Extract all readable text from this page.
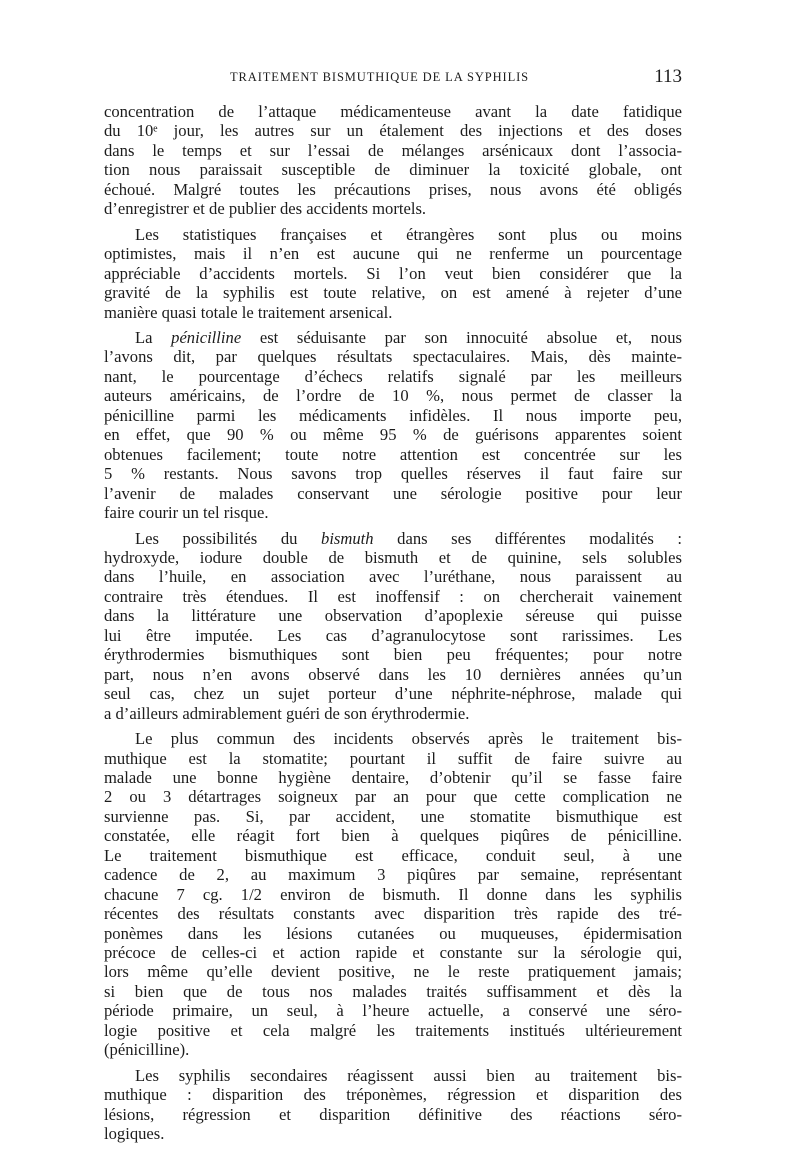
TRAITEMENT BISMUTHIQUE DE LA SYPHILIS	113

concentration de l’attaque médicamenteuse avant la date fatidique
du 10ᵉ jour, les autres sur un étalement des injections et des doses
dans le temps et sur l’essai de mélanges arsénicaux dont l’associa-
tion nous paraissait susceptible de diminuer la toxicité globale, ont
échoué. Malgré toutes les précautions prises, nous avons été obligés
d’enregistrer et de publier des accidents mortels.

Les statistiques françaises et étrangères sont plus ou moins
optimistes, mais il n’en est aucune qui ne renferme un pourcentage
appréciable d’accidents mortels. Si l’on veut bien considérer que la
gravité de la syphilis est toute relative, on est amené à rejeter d’une
manière quasi totale le traitement arsenical.

La pénicilline est séduisante par son innocuité absolue et, nous
l’avons dit, par quelques résultats spectaculaires. Mais, dès mainte-
nant, le pourcentage d’échecs relatifs signalé par les meilleurs
auteurs américains, de l’ordre de 10 %, nous permet de classer la
pénicilline parmi les médicaments infidèles. Il nous importe peu,
en effet, que 90 % ou même 95 % de guérisons apparentes soient
obtenues facilement; toute notre attention est concentrée sur les
5 % restants. Nous savons trop quelles réserves il faut faire sur
l’avenir de malades conservant une sérologie positive pour leur
faire courir un tel risque.

Les possibilités du bismuth dans ses différentes modalités :
hydroxyde, iodure double de bismuth et de quinine, sels solubles
dans l’huile, en association avec l’uréthane, nous paraissent au
contraire très étendues. Il est inoffensif : on chercherait vainement
dans la littérature une observation d’apoplexie séreuse qui puisse
lui être imputée. Les cas d’agranulocytose sont rarissimes. Les
érythrodermies bismuthiques sont bien peu fréquentes; pour notre
part, nous n’en avons observé dans les 10 dernières années qu’un
seul cas, chez un sujet porteur d’une néphrite-néphrose, malade qui
a d’ailleurs admirablement guéri de son érythrodermie.

Le plus commun des incidents observés après le traitement bis-
muthique est la stomatite; pourtant il suffit de faire suivre au
malade une bonne hygiène dentaire, d’obtenir qu’il se fasse faire
2 ou 3 détartrages soigneux par an pour que cette complication ne
survienne pas. Si, par accident, une stomatite bismuthique est
constatée, elle réagit fort bien à quelques piqûres de pénicilline.
Le traitement bismuthique est efficace, conduit seul, à une
cadence de 2, au maximum 3 piqûres par semaine, représentant
chacune 7 cg. 1/2 environ de bismuth. Il donne dans les syphilis
récentes des résultats constants avec disparition très rapide des tré-
ponèmes dans les lésions cutanées ou muqueuses, épidermisation
précoce de celles-ci et action rapide et constante sur la sérologie qui,
lors même qu’elle devient positive, ne le reste pratiquement jamais;
si bien que de tous nos malades traités suffisamment et dès la
période primaire, un seul, à l’heure actuelle, a conservé une séro-
logie positive et cela malgré les traitements institués ultérieurement
(pénicilline).

Les syphilis secondaires réagissent aussi bien au traitement bis-
muthique : disparition des tréponèmes, régression et disparition des
lésions, régression et disparition définitive des réactions séro-
logiques.
